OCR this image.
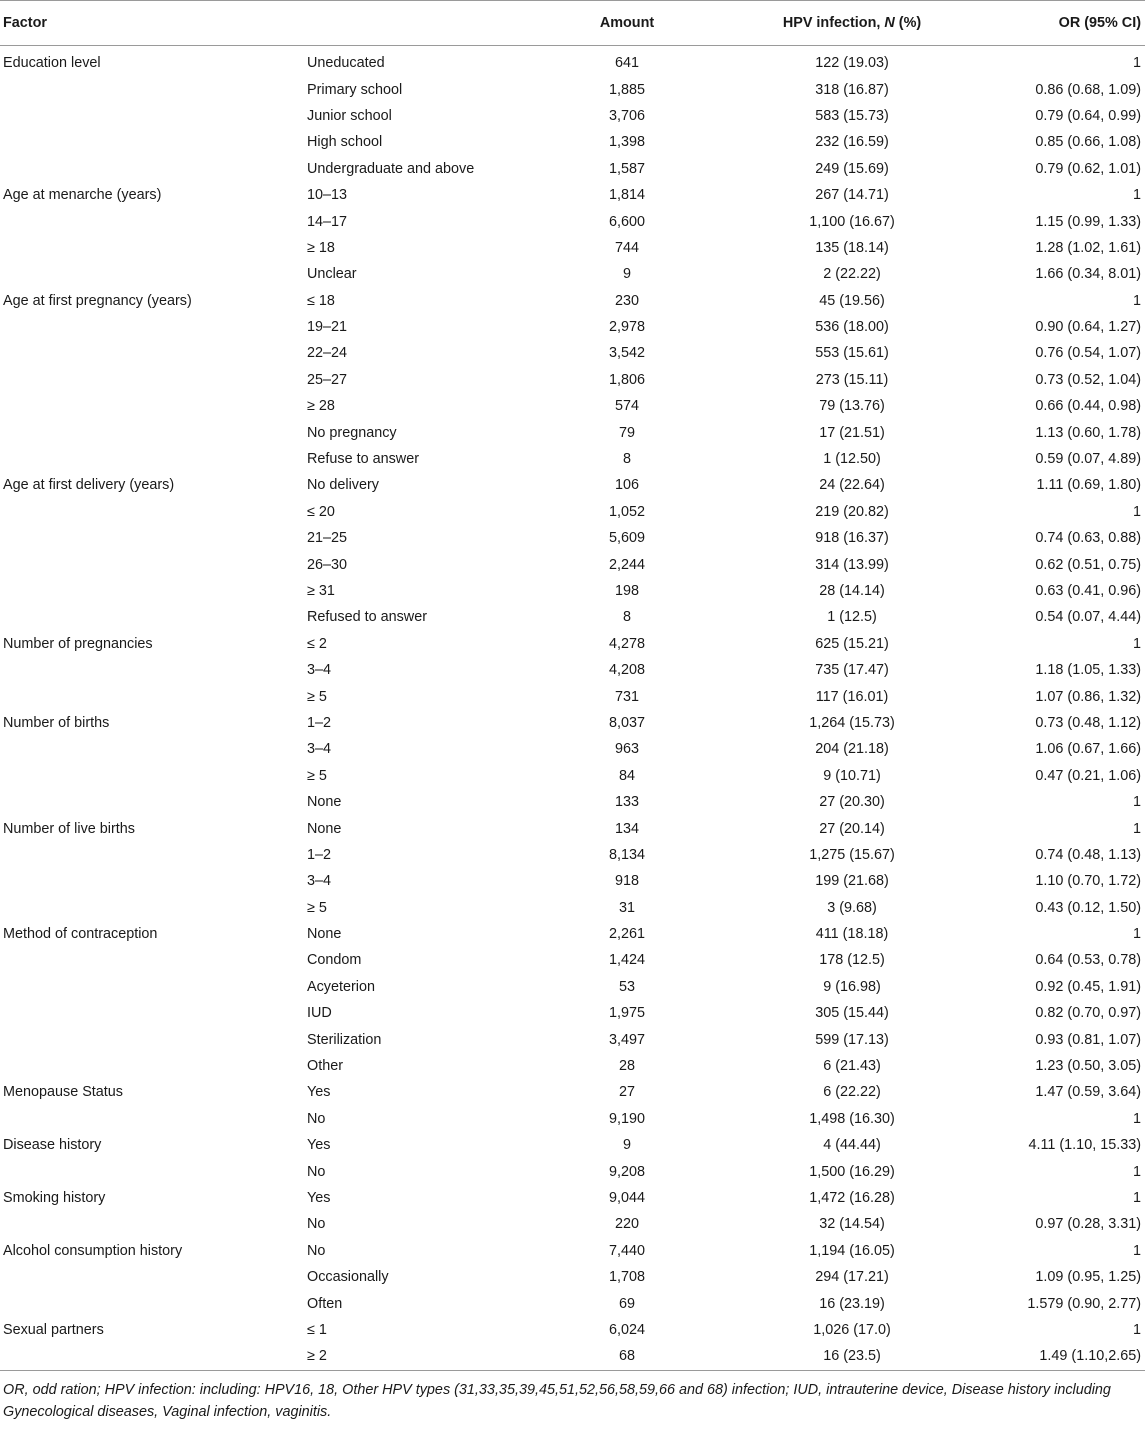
Factor		Amount	HPV infection, N (%)	OR (95% CI)
Education level	Uneducated	641	122 (19.03)	1
	Primary school	1,885	318 (16.87)	0.86 (0.68, 1.09)
	Junior school	3,706	583 (15.73)	0.79 (0.64, 0.99)
	High school	1,398	232 (16.59)	0.85 (0.66, 1.08)
	Undergraduate and above	1,587	249 (15.69)	0.79 (0.62, 1.01)
Age at menarche (years)	10–13	1,814	267 (14.71)	1
	14–17	6,600	1,100 (16.67)	1.15 (0.99, 1.33)
	≥ 18	744	135 (18.14)	1.28 (1.02, 1.61)
	Unclear	9	2 (22.22)	1.66 (0.34, 8.01)
Age at first pregnancy (years)	≤ 18	230	45 (19.56)	1
	19–21	2,978	536 (18.00)	0.90 (0.64, 1.27)
	22–24	3,542	553 (15.61)	0.76 (0.54, 1.07)
	25–27	1,806	273 (15.11)	0.73 (0.52, 1.04)
	≥ 28	574	79 (13.76)	0.66 (0.44, 0.98)
	No pregnancy	79	17 (21.51)	1.13 (0.60, 1.78)
	Refuse to answer	8	1 (12.50)	0.59 (0.07, 4.89)
Age at first delivery (years)	No delivery	106	24 (22.64)	1.11 (0.69, 1.80)
	≤ 20	1,052	219 (20.82)	1
	21–25	5,609	918 (16.37)	0.74 (0.63, 0.88)
	26–30	2,244	314 (13.99)	0.62 (0.51, 0.75)
	≥ 31	198	28 (14.14)	0.63 (0.41, 0.96)
	Refused to answer	8	1 (12.5)	0.54 (0.07, 4.44)
Number of pregnancies	≤ 2	4,278	625 (15.21)	1
	3–4	4,208	735 (17.47)	1.18 (1.05, 1.33)
	≥ 5	731	117 (16.01)	1.07 (0.86, 1.32)
Number of births	1–2	8,037	1,264 (15.73)	0.73 (0.48, 1.12)
	3–4	963	204 (21.18)	1.06 (0.67, 1.66)
	≥ 5	84	9 (10.71)	0.47 (0.21, 1.06)
	None	133	27 (20.30)	1
Number of live births	None	134	27 (20.14)	1
	1–2	8,134	1,275 (15.67)	0.74 (0.48, 1.13)
	3–4	918	199 (21.68)	1.10 (0.70, 1.72)
	≥ 5	31	3 (9.68)	0.43 (0.12, 1.50)
Method of contraception	None	2,261	411 (18.18)	1
	Condom	1,424	178 (12.5)	0.64 (0.53, 0.78)
	Acyeterion	53	9 (16.98)	0.92 (0.45, 1.91)
	IUD	1,975	305 (15.44)	0.82 (0.70, 0.97)
	Sterilization	3,497	599 (17.13)	0.93 (0.81, 1.07)
	Other	28	6 (21.43)	1.23 (0.50, 3.05)
Menopause Status	Yes	27	6 (22.22)	1.47 (0.59, 3.64)
	No	9,190	1,498 (16.30)	1
Disease history	Yes	9	4 (44.44)	4.11 (1.10, 15.33)
	No	9,208	1,500 (16.29)	1
Smoking history	Yes	9,044	1,472 (16.28)	1
	No	220	32 (14.54)	0.97 (0.28, 3.31)
Alcohol consumption history	No	7,440	1,194 (16.05)	1
	Occasionally	1,708	294 (17.21)	1.09 (0.95, 1.25)
	Often	69	16 (23.19)	1.579 (0.90, 2.77)
Sexual partners	≤ 1	6,024	1,026 (17.0)	1
	≥ 2	68	16 (23.5)	1.49 (1.10,2.65)
OR, odd ration; HPV infection: including: HPV16, 18, Other HPV types (31,33,35,39,45,51,52,56,58,59,66 and 68) infection; IUD, intrauterine device, Disease history including Gynecological diseases, Vaginal infection, vaginitis.
